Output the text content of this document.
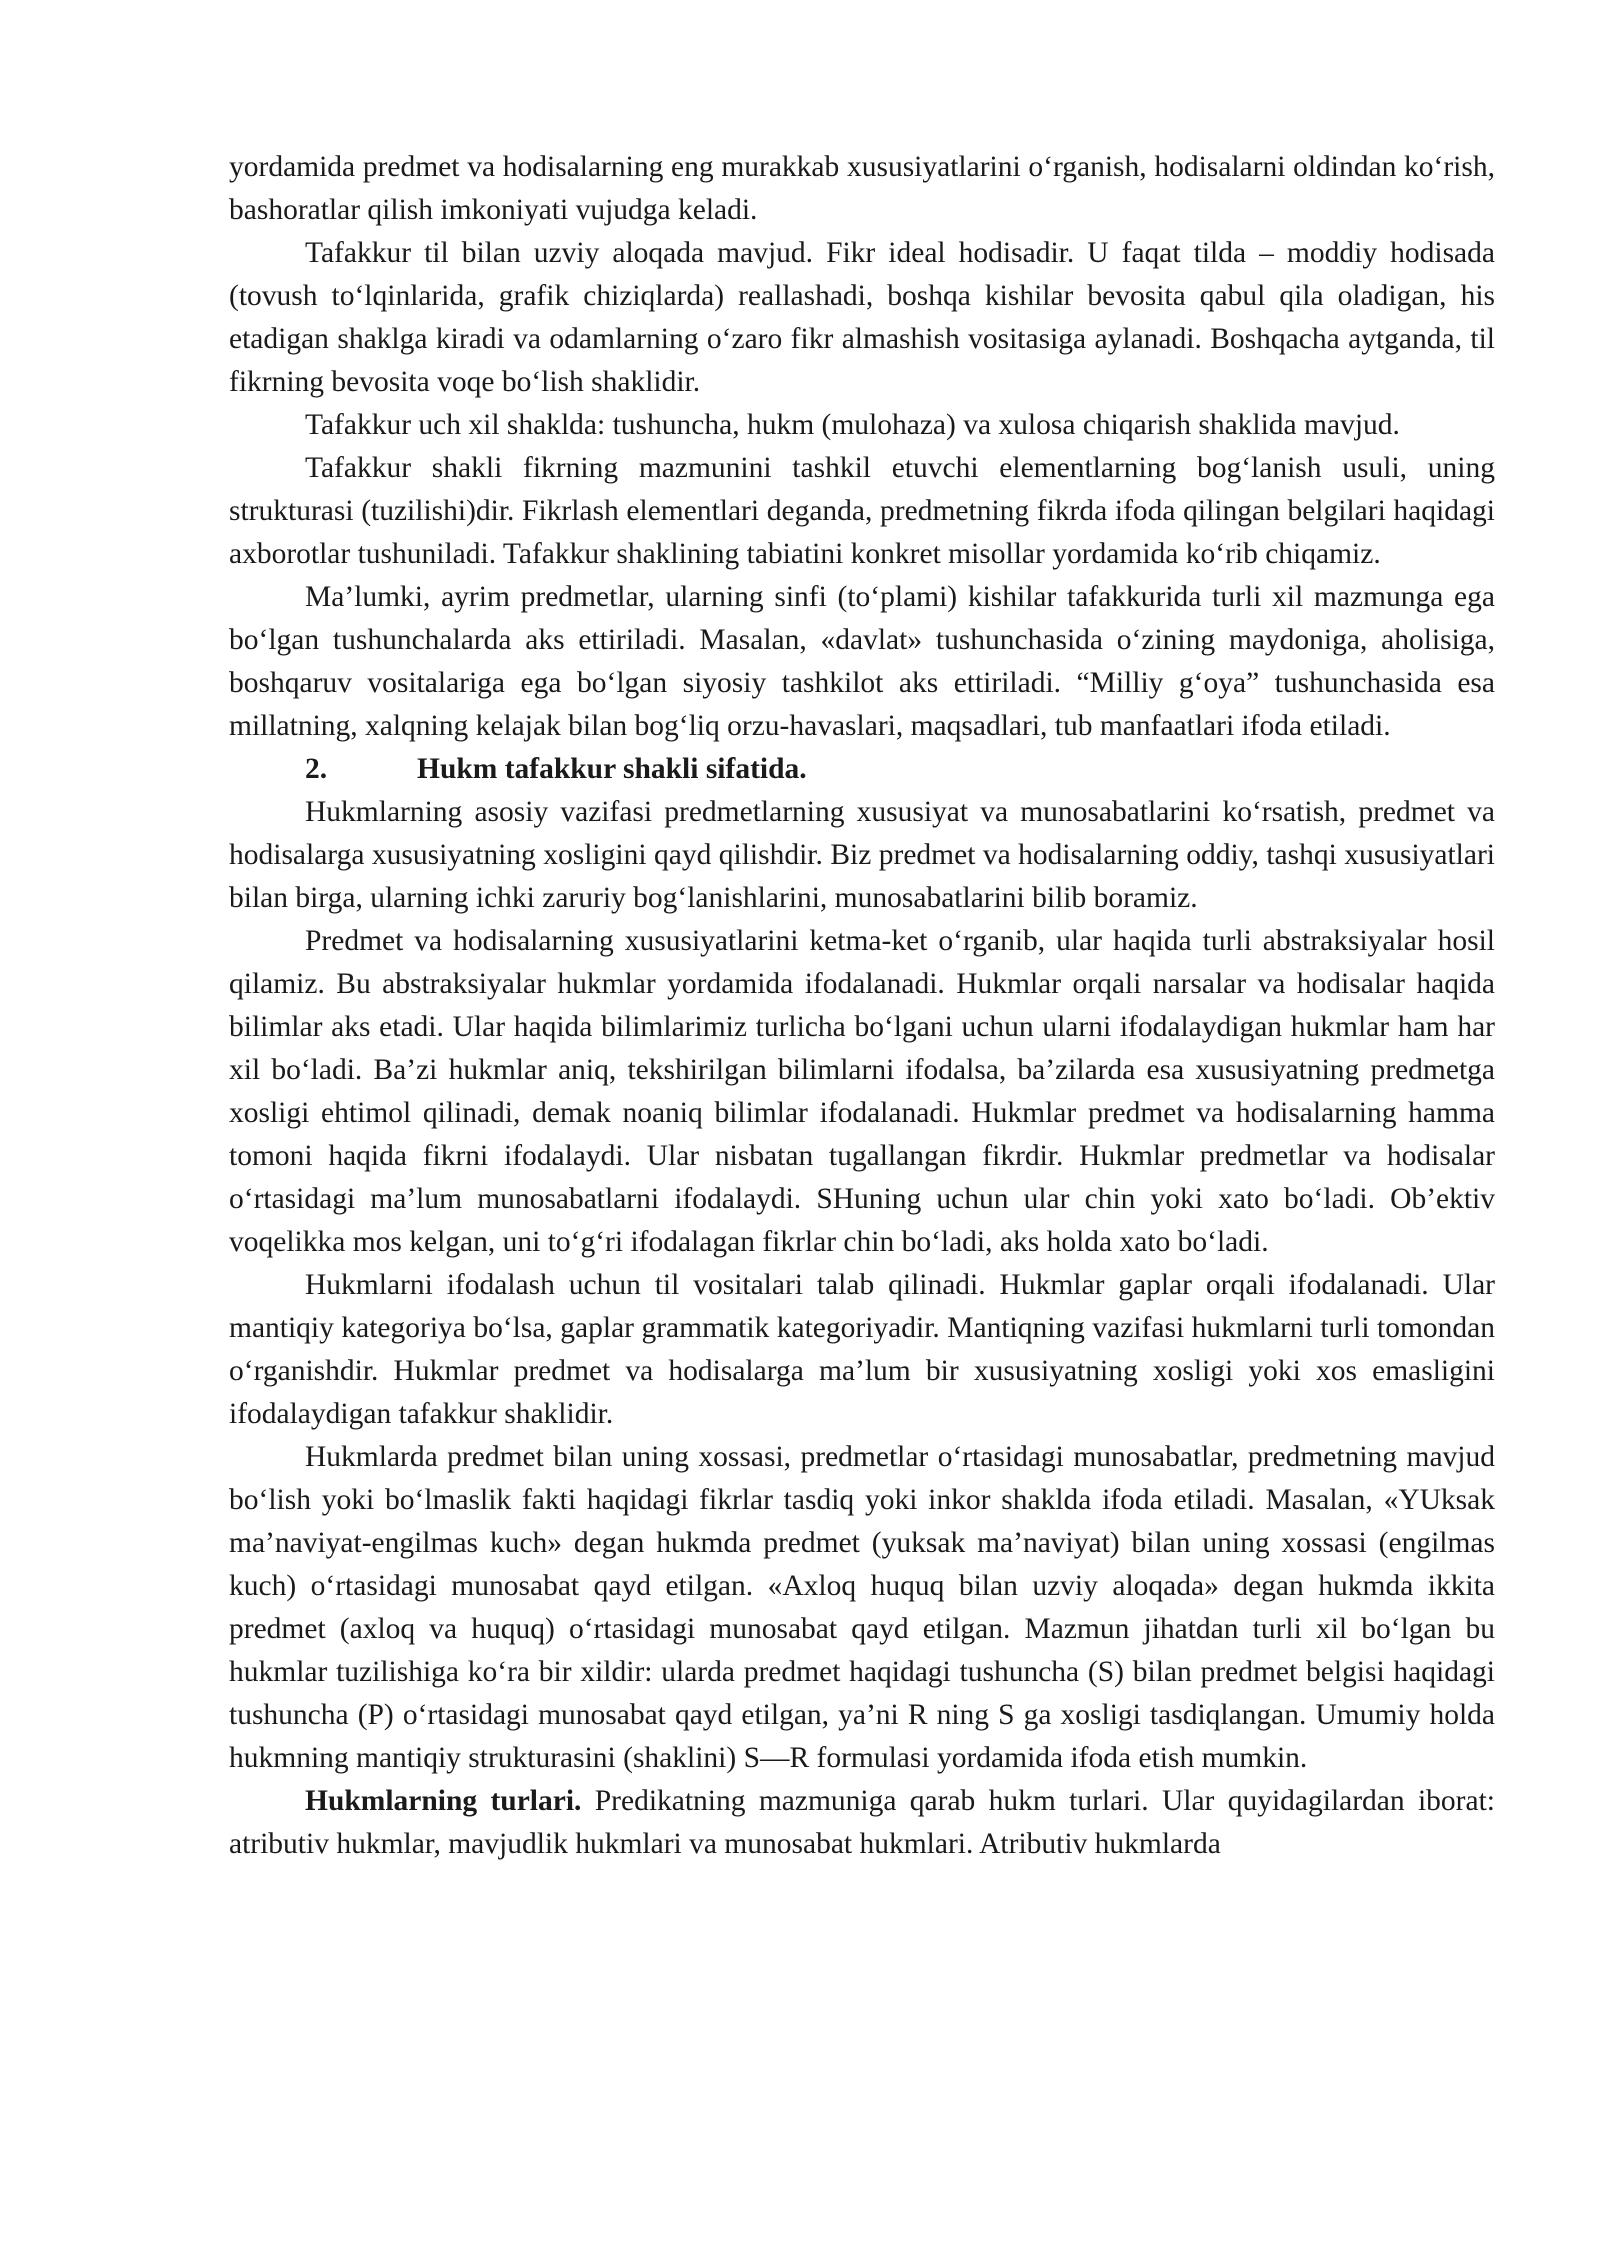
yordamida predmet va hodisalarning eng murakkab xususiyatlarini o‘rganish, hodisalarni oldindan ko‘rish, bashoratlar qilish imkoniyati vujudga keladi.

Tafakkur til bilan uzviy aloqada mavjud. Fikr ideal hodisadir. U faqat tilda – moddiy hodisada (tovush to‘lqinlarida, grafik chiziqlarda) reallashadi, boshqa kishilar bevosita qabul qila oladigan, his etadigan shaklga kiradi va odamlarning o‘zaro fikr almashish vositasiga aylanadi. Boshqacha aytganda, til fikrning bevosita voqe bo‘lish shaklidir.

Tafakkur uch xil shaklda: tushuncha, hukm (mulohaza) va xulosa chiqarish shaklida mavjud.

Tafakkur shakli fikrning mazmunini tashkil etuvchi elementlarning bog‘lanish usuli, uning strukturasi (tuzilishi)dir. Fikrlash elementlari deganda, predmetning fikrda ifoda qilingan belgilari haqidagi axborotlar tushuniladi. Tafakkur shaklining tabiatini konkret misollar yordamida ko‘rib chiqamiz.

Ma’lumki, ayrim predmetlar, ularning sinfi (to‘plami) kishilar tafakkurida turli xil mazmunga ega bo‘lgan tushunchalarda aks ettiriladi. Masalan, «davlat» tushunchasida o‘zining maydoniga, aholisiga, boshqaruv vositalariga ega bo‘lgan siyosiy tashkilot aks ettiriladi. “Milliy g‘oya” tushunchasida esa millatning, xalqning kelajak bilan bog‘liq orzu-havaslari, maqsadlari, tub manfaatlari ifoda etiladi.

2.	Hukm tafakkur shakli sifatida.

Hukmlarning asosiy vazifasi predmetlarning xususiyat va munosabatlarini ko‘rsatish, predmet va hodisalarga xususiyatning xosligini qayd qilishdir. Biz predmet va hodisalarning oddiy, tashqi xususiyatlari bilan birga, ularning ichki zaruriy bog‘lanishlarini, munosabatlarini bilib boramiz.

Predmet va hodisalarning xususiyatlarini ketma-ket o‘rganib, ular haqida turli abstraksiyalar hosil qilamiz. Bu abstraksiyalar hukmlar yordamida ifodalanadi. Hukmlar orqali narsalar va hodisalar haqida bilimlar aks etadi. Ular haqida bilimlarimiz turlicha bo‘lgani uchun ularni ifodalaydigan hukmlar ham har xil bo‘ladi. Ba’zi hukmlar aniq, tekshirilgan bilimlarni ifodalsa, ba’zilarda esa xususiyatning predmetga xosligi ehtimol qilinadi, demak noaniq bilimlar ifodalanadi. Hukmlar predmet va hodisalarning hamma tomoni haqida fikrni ifodalaydi. Ular nisbatan tugallangan fikrdir. Hukmlar predmetlar va hodisalar o‘rtasidagi ma’lum munosabatlarni ifodalaydi. SHuning uchun ular chin yoki xato bo‘ladi. Ob’ektiv voqelikka mos kelgan, uni to‘g‘ri ifodalagan fikrlar chin bo‘ladi, aks holda xato bo‘ladi.

Hukmlarni ifodalash uchun til vositalari talab qilinadi. Hukmlar gaplar orqali ifodalanadi. Ular mantiqiy kategoriya bo‘lsa, gaplar grammatik kategoriyadir. Mantiqning vazifasi hukmlarni turli tomondan o‘rganishdir. Hukmlar predmet va hodisalarga ma’lum bir xususiyatning xosligi yoki xos emasligini ifodalaydigan tafakkur shaklidir.

Hukmlarda predmet bilan uning xossasi, predmetlar o‘rtasidagi munosabatlar, predmetning mavjud bo‘lish yoki bo‘lmaslik fakti haqidagi fikrlar tasdiq yoki inkor shaklda ifoda etiladi. Masalan, «YUksak ma’naviyat-engilmas kuch» degan hukmda predmet (yuksak ma’naviyat) bilan uning xossasi (engilmas kuch) o‘rtasidagi munosabat qayd etilgan. «Axloq huquq bilan uzviy aloqada» degan hukmda ikkita predmet (axloq va huquq) o‘rtasidagi munosabat qayd etilgan. Mazmun jihatdan turli xil bo‘lgan bu hukmlar tuzilishiga ko‘ra bir xildir: ularda predmet haqidagi tushuncha (S) bilan predmet belgisi haqidagi tushuncha (P) o‘rtasidagi munosabat qayd etilgan, ya’ni R ning S ga xosligi tasdiqlangan. Umumiy holda hukmning mantiqiy strukturasini (shaklini) S—R formulasi yordamida ifoda etish mumkin.

Hukmlarning turlari. Predikatning mazmuniga qarab hukm turlari. Ular quyidagilardan iborat: atributiv hukmlar, mavjudlik hukmlari va munosabat hukmlari. Atributiv hukmlarda
